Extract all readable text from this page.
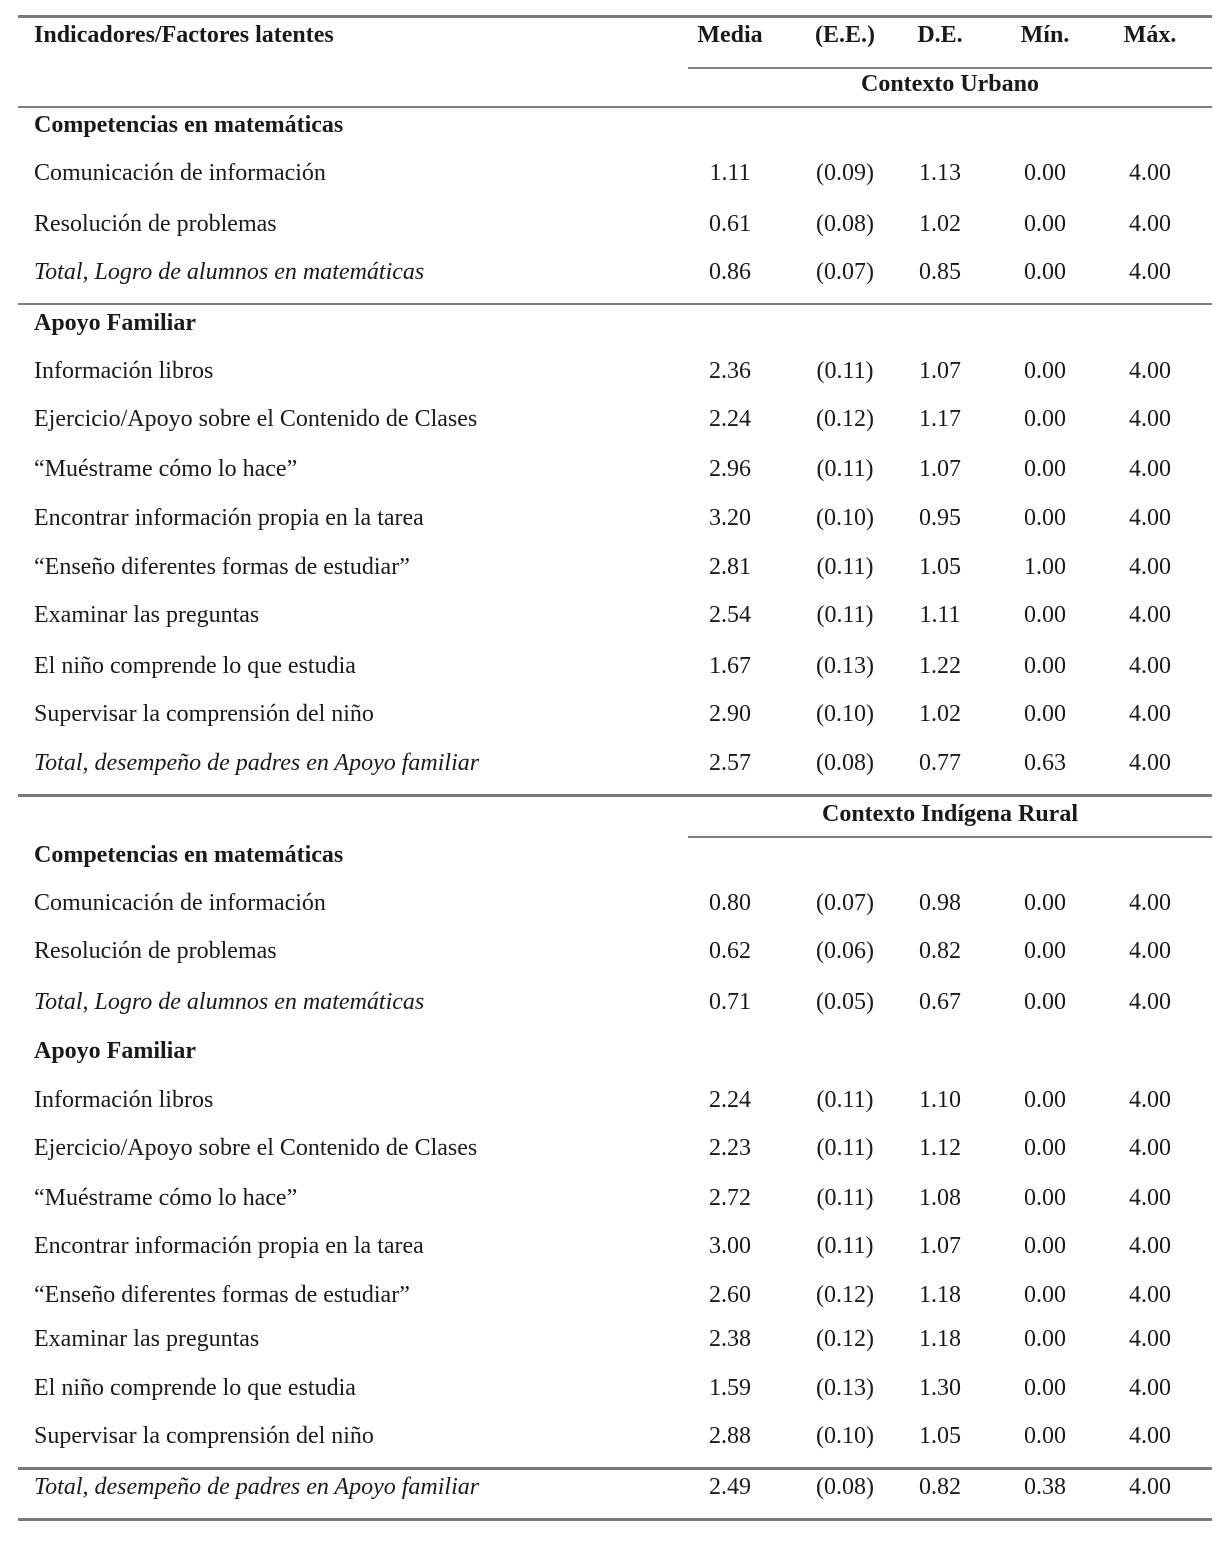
Indicadores/Factores latentes	Media	(E.E.)	D.E.	Mín.	Máx.
Contexto Urbano
Competencias en matemáticas
Comunicación de información	1.11	(0.09)	1.13	0.00	4.00
Resolución de problemas	0.61	(0.08)	1.02	0.00	4.00
Total, Logro de alumnos en matemáticas	0.86	(0.07)	0.85	0.00	4.00
Apoyo Familiar
Información libros	2.36	(0.11)	1.07	0.00	4.00
Ejercicio/Apoyo sobre el Contenido de Clases	2.24	(0.12)	1.17	0.00	4.00
“Muéstrame cómo lo hace”	2.96	(0.11)	1.07	0.00	4.00
Encontrar información propia en la tarea	3.20	(0.10)	0.95	0.00	4.00
“Enseño diferentes formas de estudiar”	2.81	(0.11)	1.05	1.00	4.00
Examinar las preguntas	2.54	(0.11)	1.11	0.00	4.00
El niño comprende lo que estudia	1.67	(0.13)	1.22	0.00	4.00
Supervisar la comprensión del niño	2.90	(0.10)	1.02	0.00	4.00
Total, desempeño de padres en Apoyo familiar	2.57	(0.08)	0.77	0.63	4.00
Contexto Indígena Rural
Competencias en matemáticas
Comunicación de información	0.80	(0.07)	0.98	0.00	4.00
Resolución de problemas	0.62	(0.06)	0.82	0.00	4.00
Total, Logro de alumnos en matemáticas	0.71	(0.05)	0.67	0.00	4.00
Apoyo Familiar
Información libros	2.24	(0.11)	1.10	0.00	4.00
Ejercicio/Apoyo sobre el Contenido de Clases	2.23	(0.11)	1.12	0.00	4.00
“Muéstrame cómo lo hace”	2.72	(0.11)	1.08	0.00	4.00
Encontrar información propia en la tarea	3.00	(0.11)	1.07	0.00	4.00
“Enseño diferentes formas de estudiar”	2.60	(0.12)	1.18	0.00	4.00
Examinar las preguntas	2.38	(0.12)	1.18	0.00	4.00
El niño comprende lo que estudia	1.59	(0.13)	1.30	0.00	4.00
Supervisar la comprensión del niño	2.88	(0.10)	1.05	0.00	4.00
Total, desempeño de padres en Apoyo familiar	2.49	(0.08)	0.82	0.38	4.00
